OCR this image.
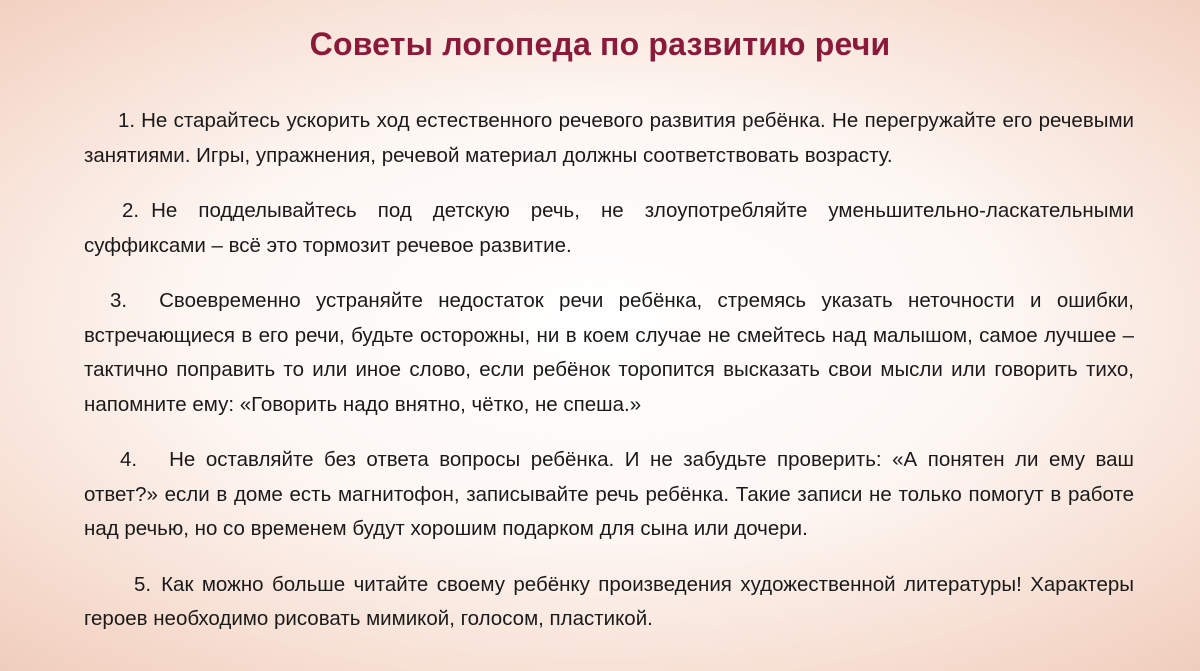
Советы логопеда по развитию речи

1. Не старайтесь ускорить ход естественного речевого развития ребёнка. Не перегружайте его речевыми занятиями. Игры, упражнения, речевой материал должны соответствовать возрасту.

2. Не подделывайтесь под детскую речь, не злоупотребляйте уменьшительно-ласкательными суффиксами – всё это тормозит речевое развитие.

3. Своевременно устраняйте недостаток речи ребёнка, стремясь указать неточности и ошибки, встречающиеся в его речи, будьте осторожны, ни в коем случае не смейтесь над малышом, самое лучшее – тактично поправить то или иное слово, если ребёнок торопится высказать свои мысли или говорить тихо, напомните ему: «Говорить надо внятно, чётко, не спеша.»

4. Не оставляйте без ответа вопросы ребёнка. И не забудьте проверить: «А понятен ли ему ваш ответ?» если в доме есть магнитофон, записывайте речь ребёнка. Такие записи не только помогут в работе над речью, но со временем будут хорошим подарком для сына или дочери.

5. Как можно больше читайте своему ребёнку произведения художественной литературы! Характеры героев необходимо рисовать мимикой, голосом, пластикой.
